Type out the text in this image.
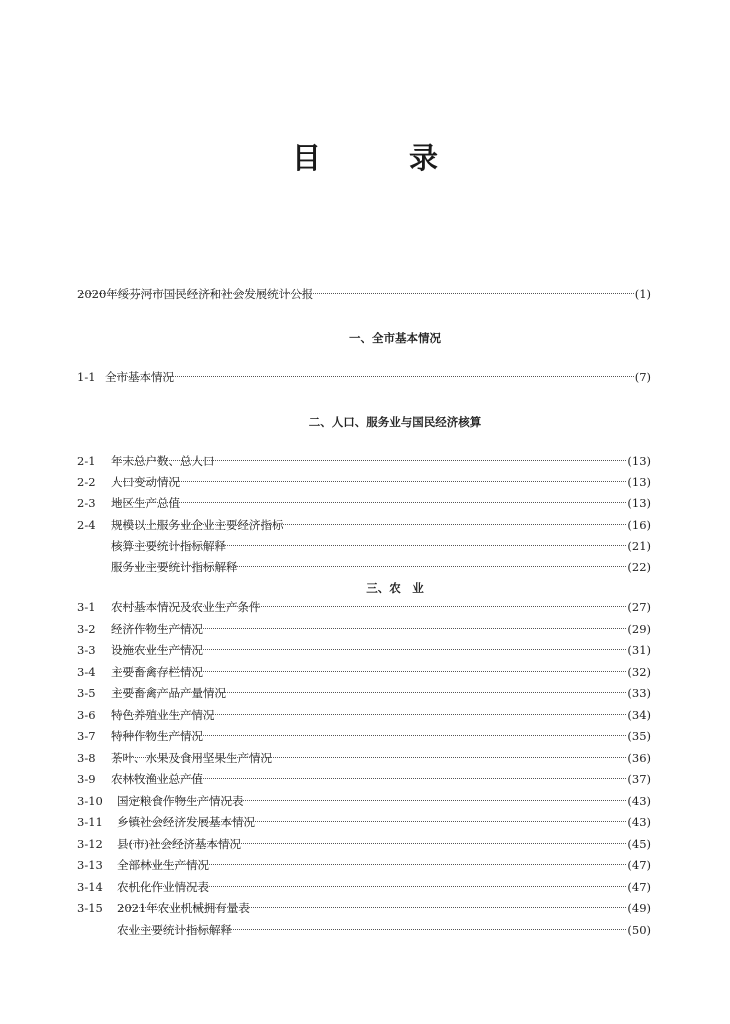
目	录
2020年绥芬河市国民经济和社会发展统计公报	(1)
一、全市基本情况
1-1 全市基本情况	(7)
二、人口、服务业与国民经济核算
2-1 年末总户数、总人口	(13)
2-2 人口变动情况	(13)
2-3 地区生产总值	(13)
2-4 规模以上服务业企业主要经济指标	(16)
核算主要统计指标解释	(21)
服务业主要统计指标解释	(22)
三、农　业
3-1 农村基本情况及农业生产条件	(27)
3-2 经济作物生产情况	(29)
3-3 设施农业生产情况	(31)
3-4 主要畜禽存栏情况	(32)
3-5 主要畜禽产品产量情况	(33)
3-6 特色养殖业生产情况	(34)
3-7 特种作物生产情况	(35)
3-8 茶叶、水果及食用坚果生产情况	(36)
3-9 农林牧渔业总产值	(37)
3-10 国定粮食作物生产情况表	(43)
3-11 乡镇社会经济发展基本情况	(43)
3-12 县(市)社会经济基本情况	(45)
3-13 全部林业生产情况	(47)
3-14 农机化作业情况表	(47)
3-15 2021年农业机械拥有量表	(49)
农业主要统计指标解释	(50)
